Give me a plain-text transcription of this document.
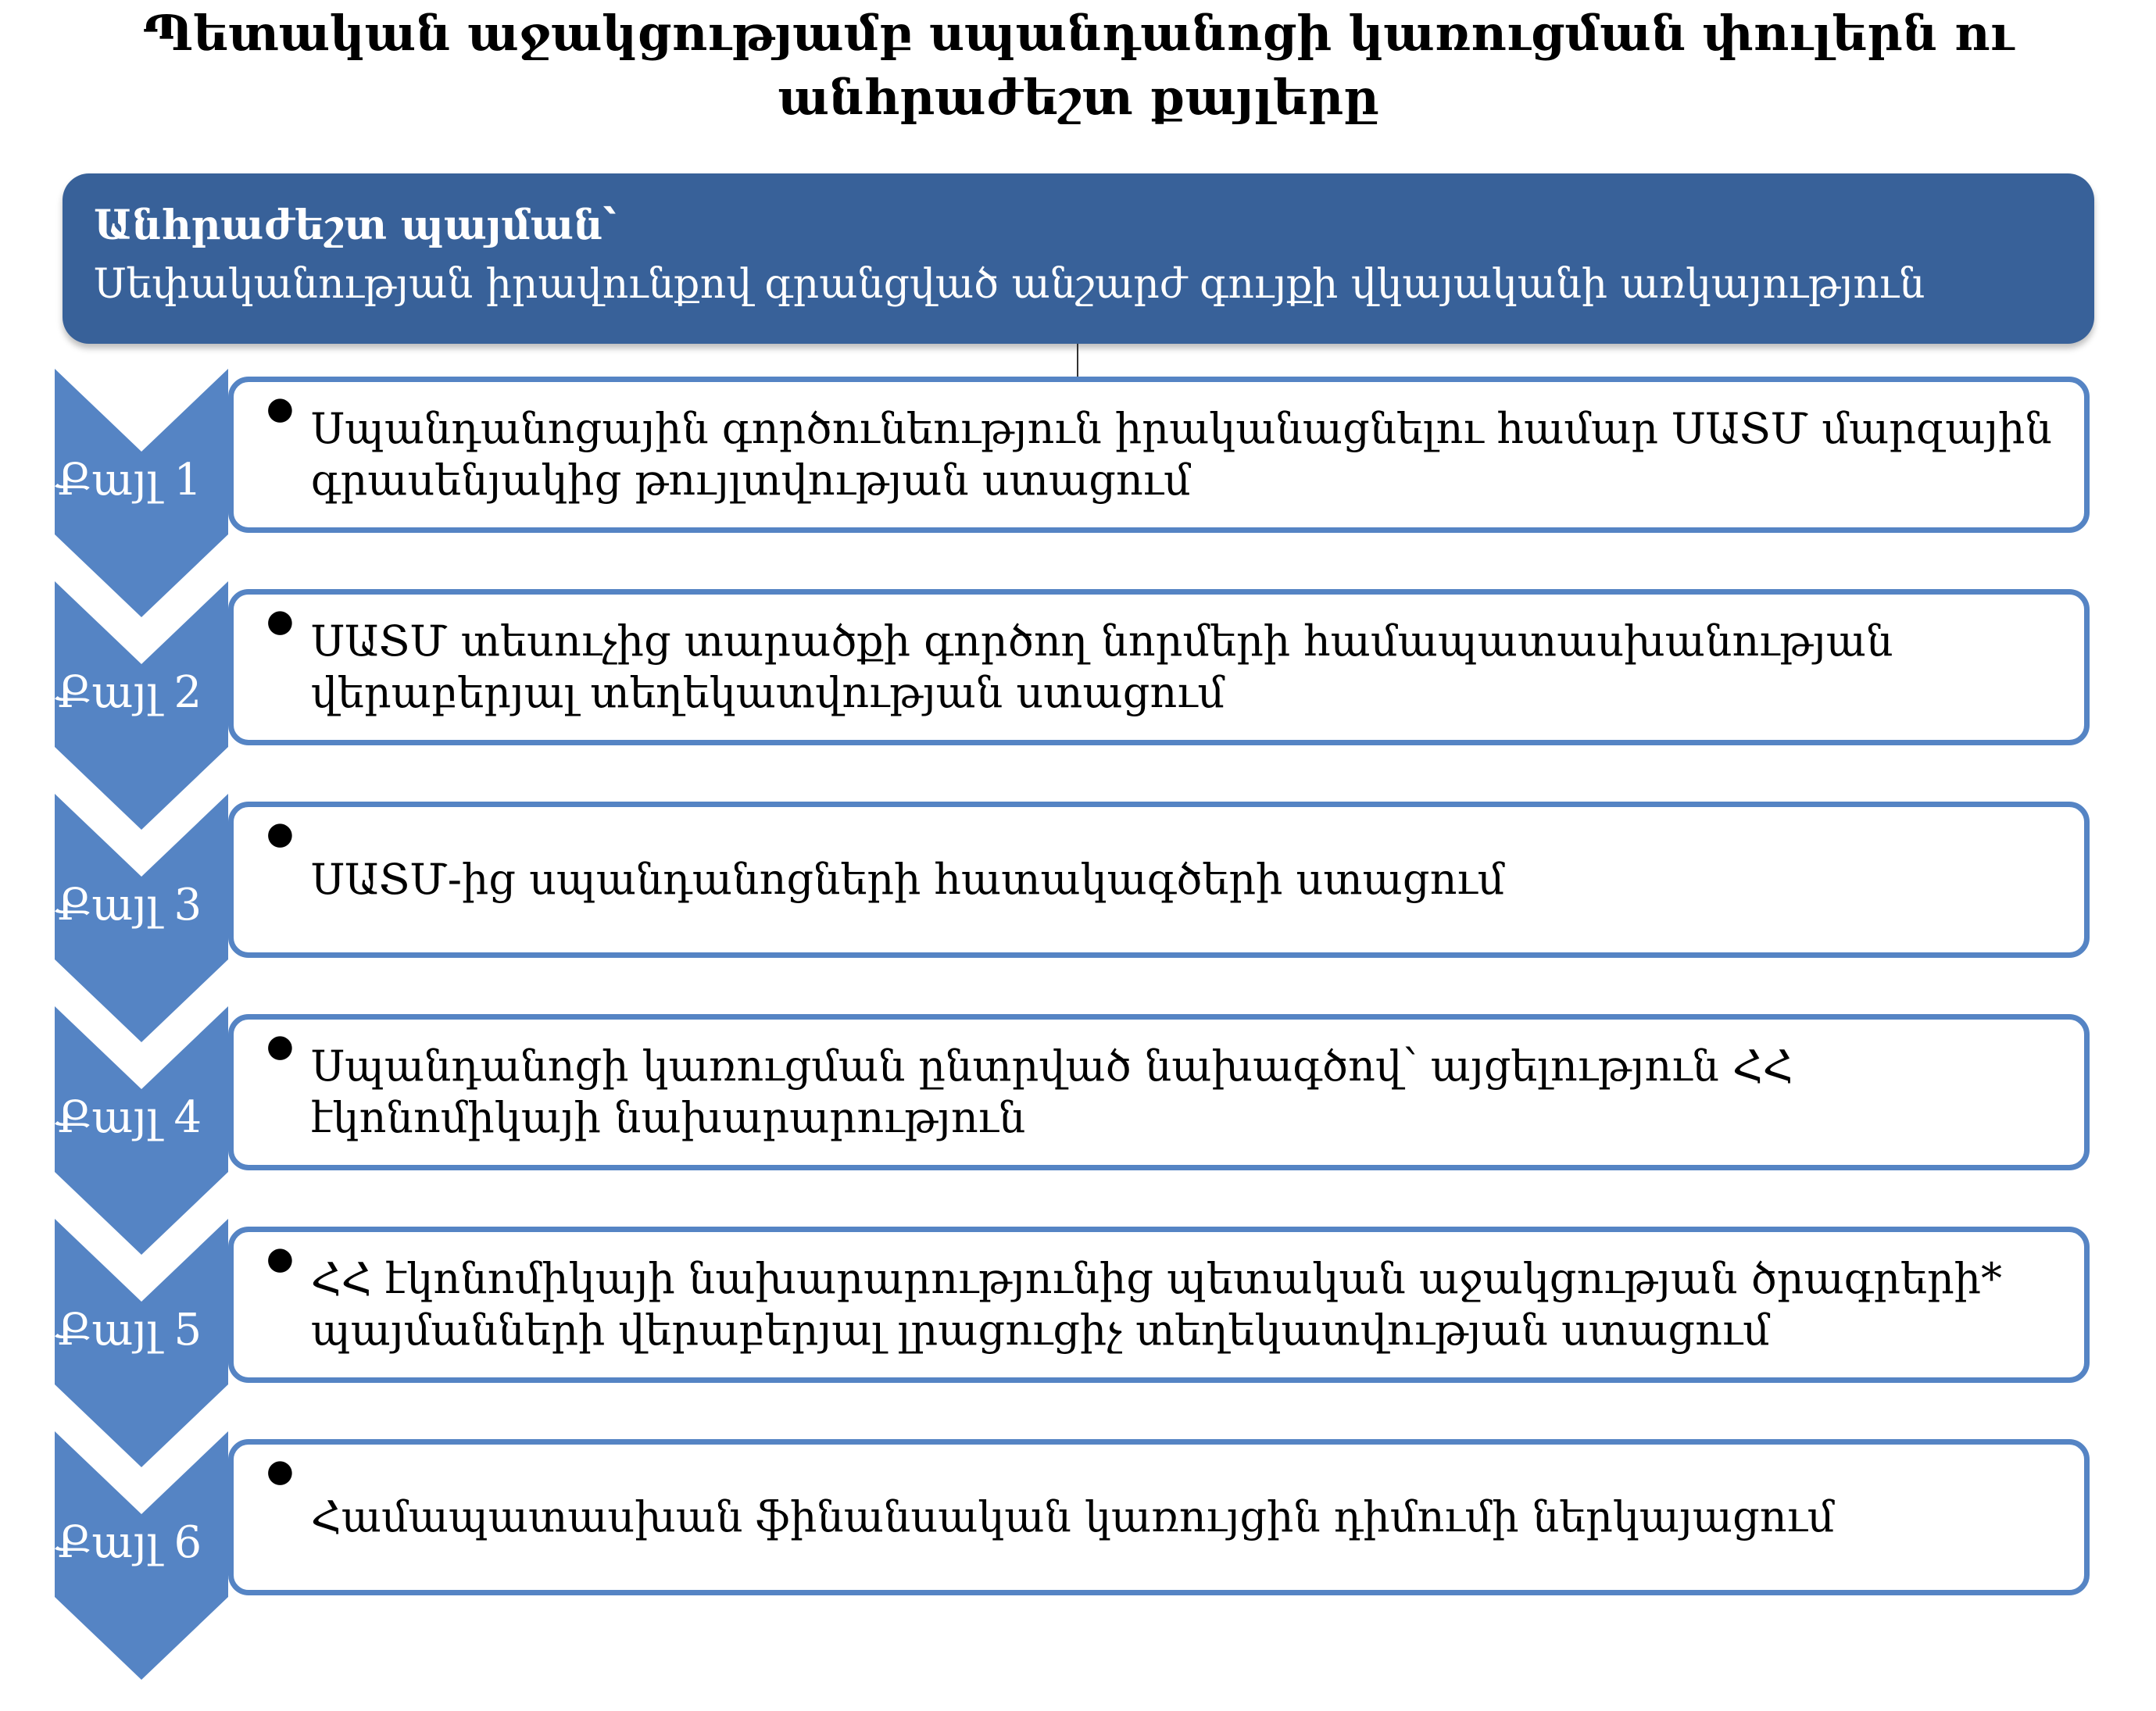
Պետական աջակցությամբ սպանդանոցի կառուցման փուլերն ու անհրաժեշտ քայլերը
Անհրաժեշտ պայման՝
Սեփականության իրավունքով գրանցված անշարժ գույքի վկայականի առկայություն
Քայլ 1
● Սպանդանոցային գործունեություն իրականացնելու համար ՍԱՏՄ մարզային գրասենյակից թույլտվության ստացում
Քայլ 2
● ՍԱՏՄ տեսուչից տարածքի գործող նորմերի համապատասխանության վերաբերյալ տեղեկատվության ստացում
Քայլ 3
●
ՍԱՏՄ-ից սպանդանոցների հատակագծերի ստացում
Քայլ 4
● Սպանդանոցի կառուցման ընտրված նախագծով՝ այցելություն ՀՀ էկոնոմիկայի նախարարություն
Քայլ 5
● ՀՀ էկոնոմիկայի նախարարությունից պետական աջակցության ծրագրերի* պայմանների վերաբերյալ լրացուցիչ տեղեկատվության ստացում
Քայլ 6
●
Համապատասխան ֆինանսական կառույցին դիմումի ներկայացում
